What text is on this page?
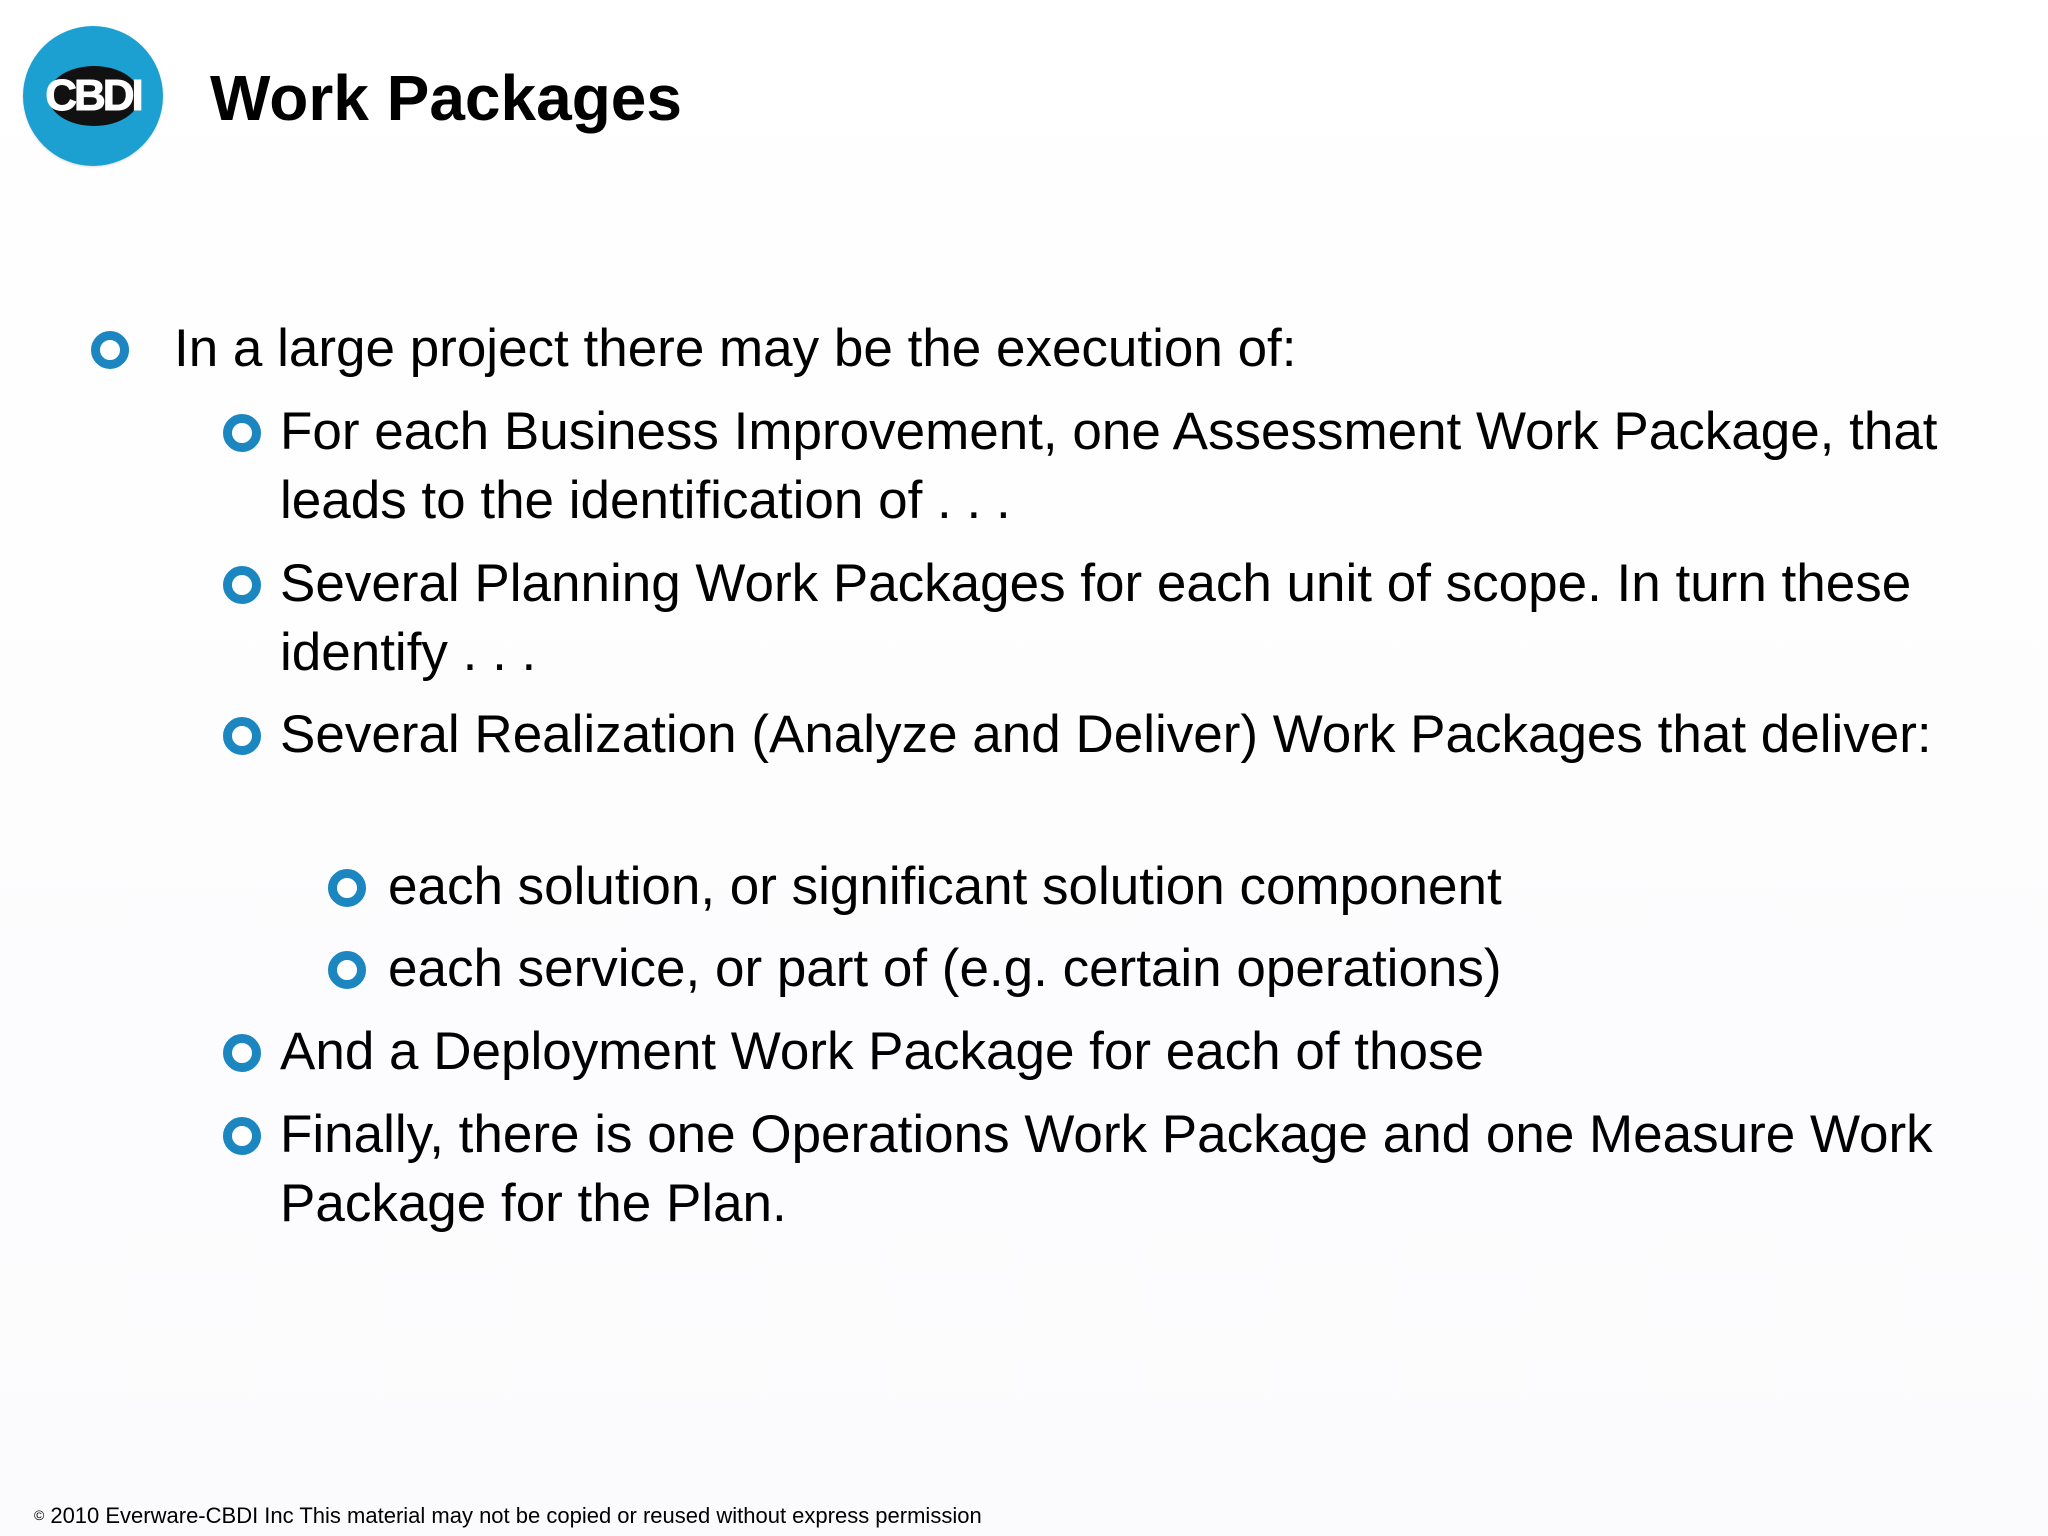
CBDI	Work Packages
In a large project there may be the execution of:
For each Business Improvement, one Assessment Work Package, that leads to the identification of . . .
Several Planning Work Packages for each unit of scope. In turn these identify . . .
Several Realization (Analyze and Deliver) Work Packages that deliver:
each solution, or significant solution component
each service, or part of (e.g. certain operations)
And a Deployment Work Package for each of those
Finally, there is one Operations Work Package and one Measure Work Package for the Plan.
© 2010 Everware-CBDI Inc This material may not be copied or reused without express permission
